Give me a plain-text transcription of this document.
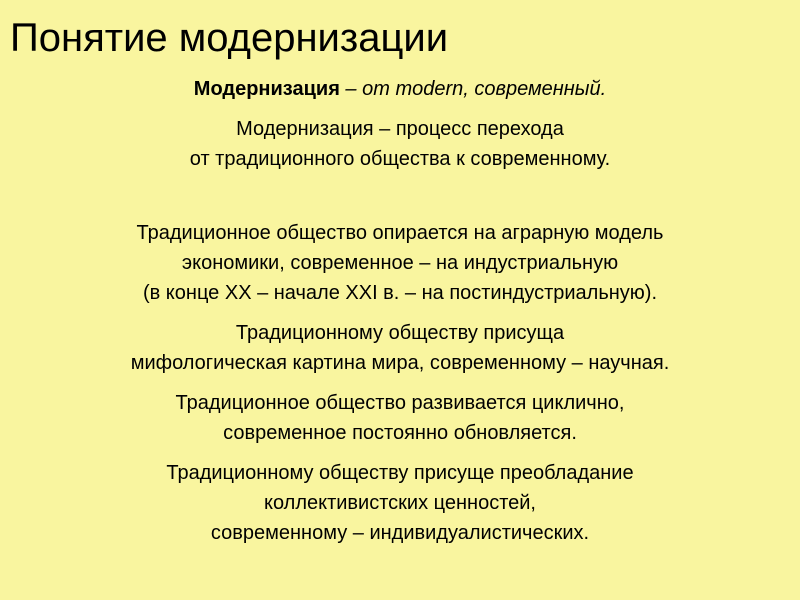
Понятие модернизации

Модернизация – от modern, современный.

Модернизация – процесс перехода
от традиционного общества к современному.

Традиционное общество опирается на аграрную модель
экономики, современное – на индустриальную
(в конце XX – начале XXI в. – на постиндустриальную).

Традиционному обществу присуща
мифологическая картина мира, современному – научная.

Традиционное общество развивается циклично,
современное постоянно обновляется.

Традиционному обществу присуще преобладание
коллективистских ценностей,
современному – индивидуалистических.
